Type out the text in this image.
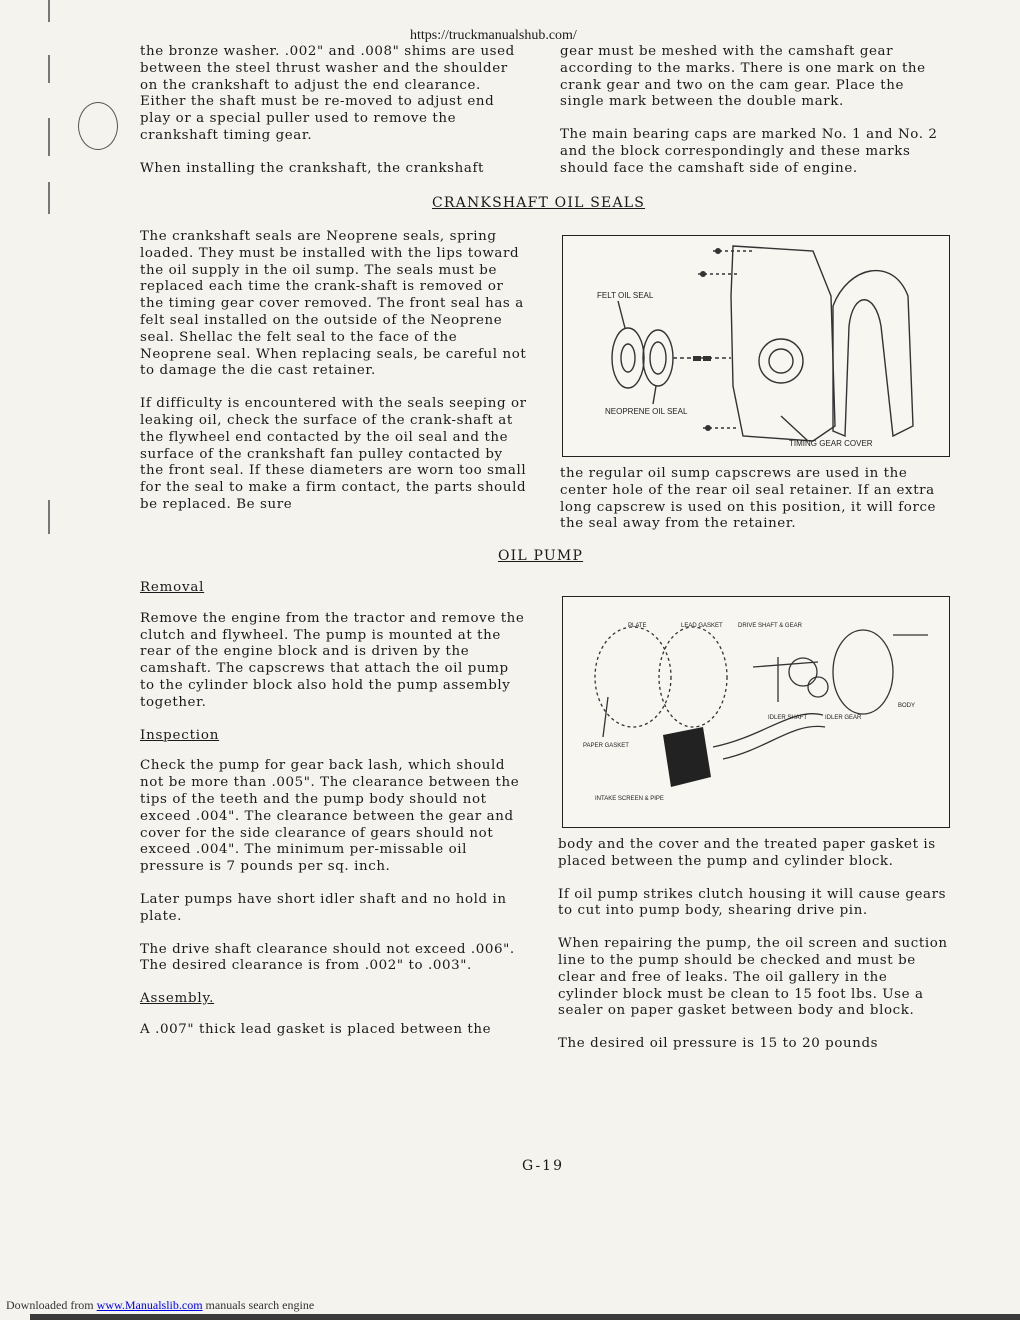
https://truckmanualshub.com/

the bronze washer. .002" and .008" shims are used between the steel thrust washer and the shoulder on the crankshaft to adjust the end clearance. Either the shaft must be re-moved to adjust end play or a special puller used to remove the crankshaft timing gear.

When installing the crankshaft, the crankshaft

gear must be meshed with the camshaft gear according to the marks. There is one mark on the crank gear and two on the cam gear. Place the single mark between the double mark.

The main bearing caps are marked No. 1 and No. 2 and the block correspondingly and these marks should face the camshaft side of engine.

CRANKSHAFT OIL SEALS

The crankshaft seals are Neoprene seals, spring loaded. They must be installed with the lips toward the oil supply in the oil sump. The seals must be replaced each time the crank-shaft is removed or the timing gear cover removed. The front seal has a felt seal installed on the outside of the Neoprene seal. Shellac the felt seal to the face of the Neoprene seal. When replacing seals, be careful not to damage the die cast retainer.

If difficulty is encountered with the seals seeping or leaking oil, check the surface of the crank-shaft at the flywheel end contacted by the oil seal and the surface of the crankshaft fan pulley contacted by the front seal. If these diameters are worn too small for the seal to make a firm contact, the parts should be replaced. Be sure

FELT OIL SEAL
NEOPRENE OIL SEAL
TIMING GEAR COVER

the regular oil sump capscrews are used in the center hole of the rear oil seal retainer. If an extra long capscrew is used on this position, it will force the seal away from the retainer.

OIL PUMP
Removal

Remove the engine from the tractor and remove the clutch and flywheel. The pump is mounted at the rear of the engine block and is driven by the camshaft. The capscrews that attach the oil pump to the cylinder block also hold the pump assembly together.

Inspection

Check the pump for gear back lash, which should not be more than .005". The clearance between the tips of the teeth and the pump body should not exceed .004". The clearance between the gear and cover for the side clearance of gears should not exceed .004". The minimum per-missable oil pressure is 7 pounds per sq. inch.

Later pumps have short idler shaft and no hold in plate.

The drive shaft clearance should not exceed .006". The desired clearance is from .002" to .003".

Assembly.

A .007" thick lead gasket is placed between the

PLATE	LEAD GASKET	DRIVE SHAFT & GEAR
BODY
IDLER SHAFT	IDLER GEAR
PAPER GASKET
INTAKE SCREEN & PIPE

body and the cover and the treated paper gasket is placed between the pump and cylinder block.

If oil pump strikes clutch housing it will cause gears to cut into pump body, shearing drive pin.

When repairing the pump, the oil screen and suction line to the pump should be checked and must be clear and free of leaks. The oil gallery in the cylinder block must be clean to 15 foot lbs. Use a sealer on paper gasket between body and block.

The desired oil pressure is 15 to 20 pounds

G-19
Downloaded from www.Manualslib.com manuals search engine
